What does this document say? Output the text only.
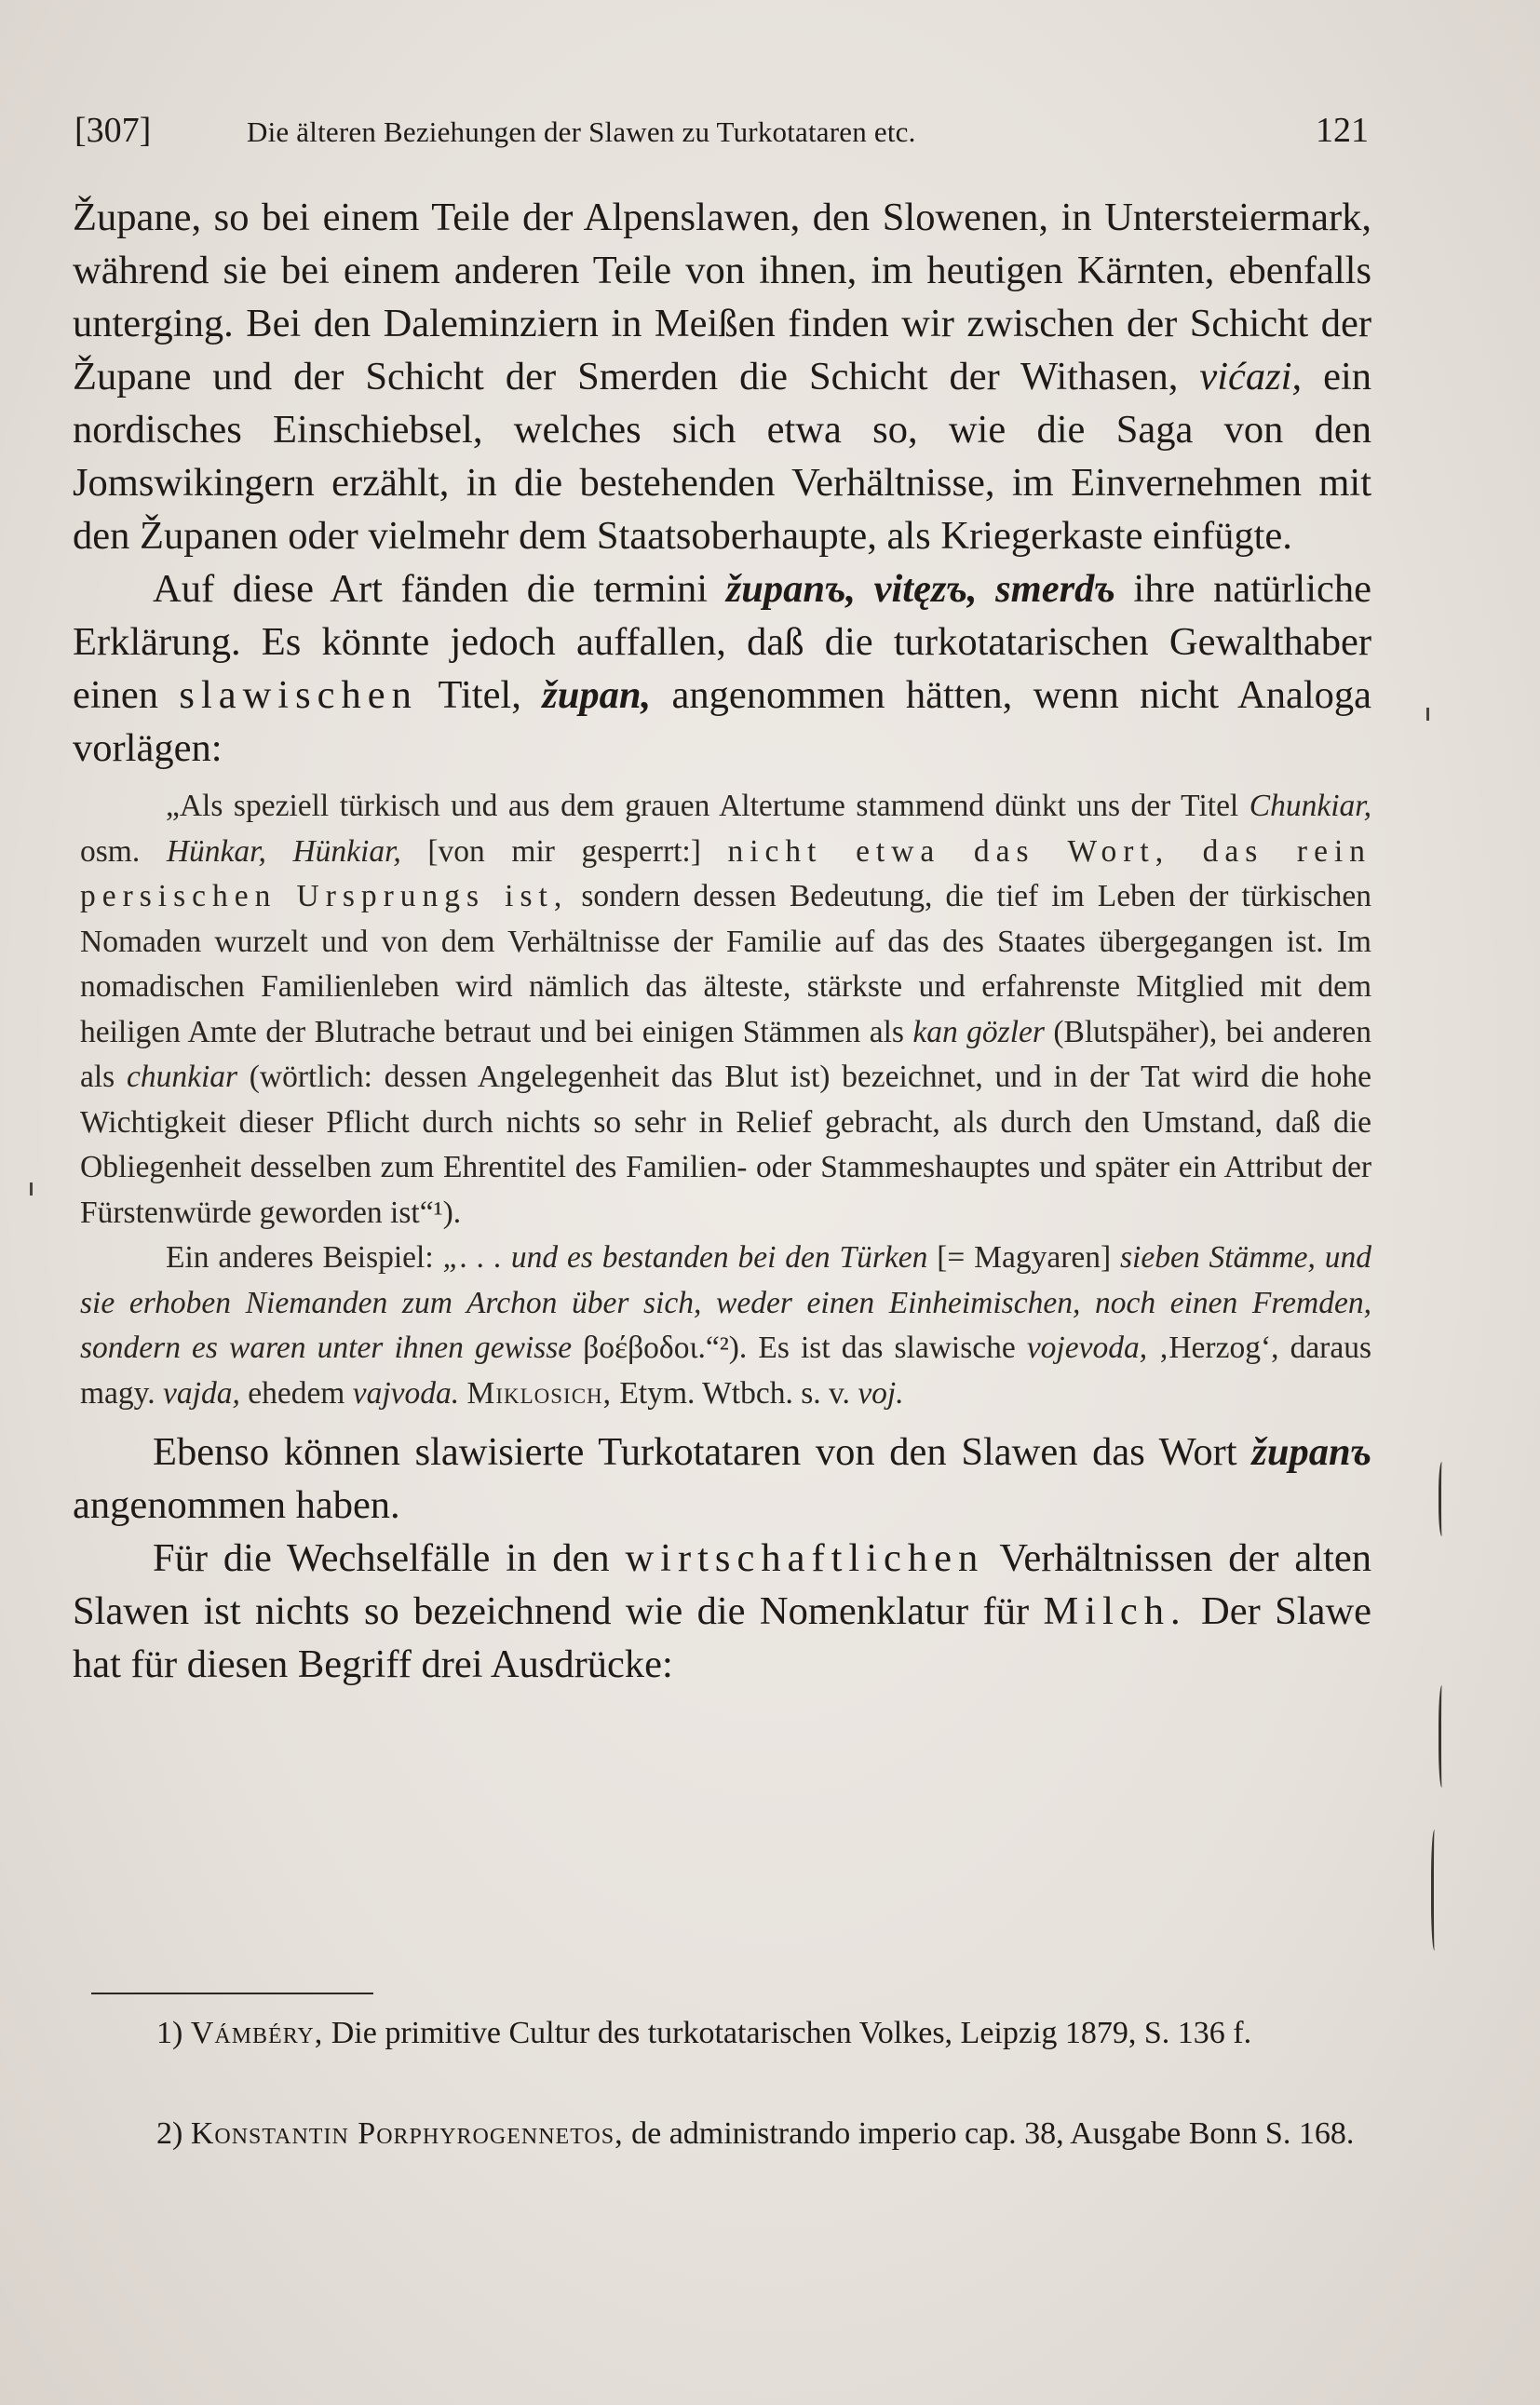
[307]	Die älteren Beziehungen der Slawen zu Turkotataren etc.	121

Župane, so bei einem Teile der Alpenslawen, den Slowenen, in Untersteiermark, während sie bei einem anderen Teile von ihnen, im heutigen Kärnten, ebenfalls unterging. Bei den Daleminziern in Meißen finden wir zwischen der Schicht der Župane und der Schicht der Smerden die Schicht der Withasen, vićazi, ein nordisches Einschiebsel, welches sich etwa so, wie die Saga von den Jomswikingern erzählt, in die bestehenden Verhältnisse, im Einvernehmen mit den Županen oder vielmehr dem Staatsoberhaupte, als Kriegerkaste einfügte.

Auf diese Art fänden die termini županъ, vitęzъ, smerdъ ihre natürliche Erklärung. Es könnte jedoch auffallen, daß die turkotatarischen Gewalthaber einen slawischen Titel, župan, angenommen hätten, wenn nicht Analoga vorlägen:

„Als speziell türkisch und aus dem grauen Altertume stammend dünkt uns der Titel Chunkiar, osm. Hünkar, Hünkiar, [von mir gesperrt:] nicht etwa das Wort, das rein persischen Ursprungs ist, sondern dessen Bedeutung, die tief im Leben der türkischen Nomaden wurzelt und von dem Verhältnisse der Familie auf das des Staates übergegangen ist. Im nomadischen Familienleben wird nämlich das älteste, stärkste und erfahrenste Mitglied mit dem heiligen Amte der Blutrache betraut und bei einigen Stämmen als kan gözler (Blutspäher), bei anderen als chunkiar (wörtlich: dessen Angelegenheit das Blut ist) bezeichnet, und in der Tat wird die hohe Wichtigkeit dieser Pflicht durch nichts so sehr in Relief gebracht, als durch den Umstand, daß die Obliegenheit desselben zum Ehrentitel des Familien- oder Stammeshauptes und später ein Attribut der Fürstenwürde geworden ist“¹).

Ein anderes Beispiel: „. . . und es bestanden bei den Türken [= Magyaren] sieben Stämme, und sie erhoben Niemanden zum Archon über sich, weder einen Einheimischen, noch einen Fremden, sondern es waren unter ihnen gewisse βοέβοδοι.“²). Es ist das slawische vojevoda, ‚Herzog‘, daraus magy. vajda, ehedem vajvoda. Miklosich, Etym. Wtbch. s. v. voj.

Ebenso können slawisierte Turkotataren von den Slawen das Wort županъ angenommen haben.

Für die Wechselfälle in den wirtschaftlichen Verhältnissen der alten Slawen ist nichts so bezeichnend wie die Nomenklatur für Milch. Der Slawe hat für diesen Begriff drei Ausdrücke:

1) Vámbéry, Die primitive Cultur des turkotatarischen Volkes, Leipzig 1879, S. 136 f.

2) Konstantin Porphyrogennetos, de administrando imperio cap. 38, Ausgabe Bonn S. 168.
